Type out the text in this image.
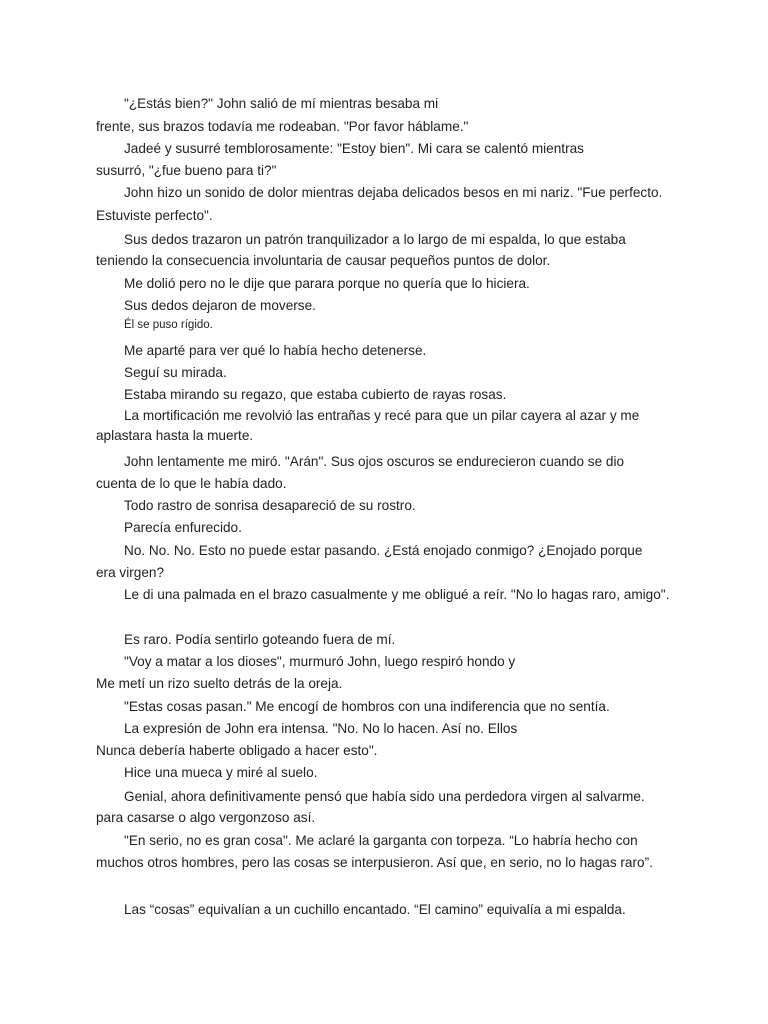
"¿Estás bien?" John salió de mí mientras besaba mi
frente, sus brazos todavía me rodeaban. "Por favor háblame."
Jadeé y susurré temblorosamente: "Estoy bien". Mi cara se calentó mientras
susurró, "¿fue bueno para ti?"
John hizo un sonido de dolor mientras dejaba delicados besos en mi nariz. "Fue perfecto.
Estuviste perfecto".
Sus dedos trazaron un patrón tranquilizador a lo largo de mi espalda, lo que estaba
teniendo la consecuencia involuntaria de causar pequeños puntos de dolor.
Me dolió pero no le dije que parara porque no quería que lo hiciera.
Sus dedos dejaron de moverse.
Él se puso rígido.
Me aparté para ver qué lo había hecho detenerse.
Seguí su mirada.
Estaba mirando su regazo, que estaba cubierto de rayas rosas.
La mortificación me revolvió las entrañas y recé para que un pilar cayera al azar y me
aplastara hasta la muerte.
John lentamente me miró. "Arán". Sus ojos oscuros se endurecieron cuando se dio
cuenta de lo que le había dado.
Todo rastro de sonrisa desapareció de su rostro.
Parecía enfurecido.
No. No. No. Esto no puede estar pasando. ¿Está enojado conmigo? ¿Enojado porque
era virgen?
Le di una palmada en el brazo casualmente y me obligué a reír. "No lo hagas raro, amigo".
Es raro. Podía sentirlo goteando fuera de mí.
"Voy a matar a los dioses", murmuró John, luego respiró hondo y
Me metí un rizo suelto detrás de la oreja.
"Estas cosas pasan." Me encogí de hombros con una indiferencia que no sentía.
La expresión de John era intensa. "No. No lo hacen. Así no. Ellos
Nunca debería haberte obligado a hacer esto".
Hice una mueca y miré al suelo.
Genial, ahora definitivamente pensó que había sido una perdedora virgen al salvarme.
para casarse o algo vergonzoso así.
"En serio, no es gran cosa". Me aclaré la garganta con torpeza. “Lo habría hecho con
muchos otros hombres, pero las cosas se interpusieron. Así que, en serio, no lo hagas raro”.
Las “cosas” equivalían a un cuchillo encantado. “El camino” equivalía a mi espalda.
